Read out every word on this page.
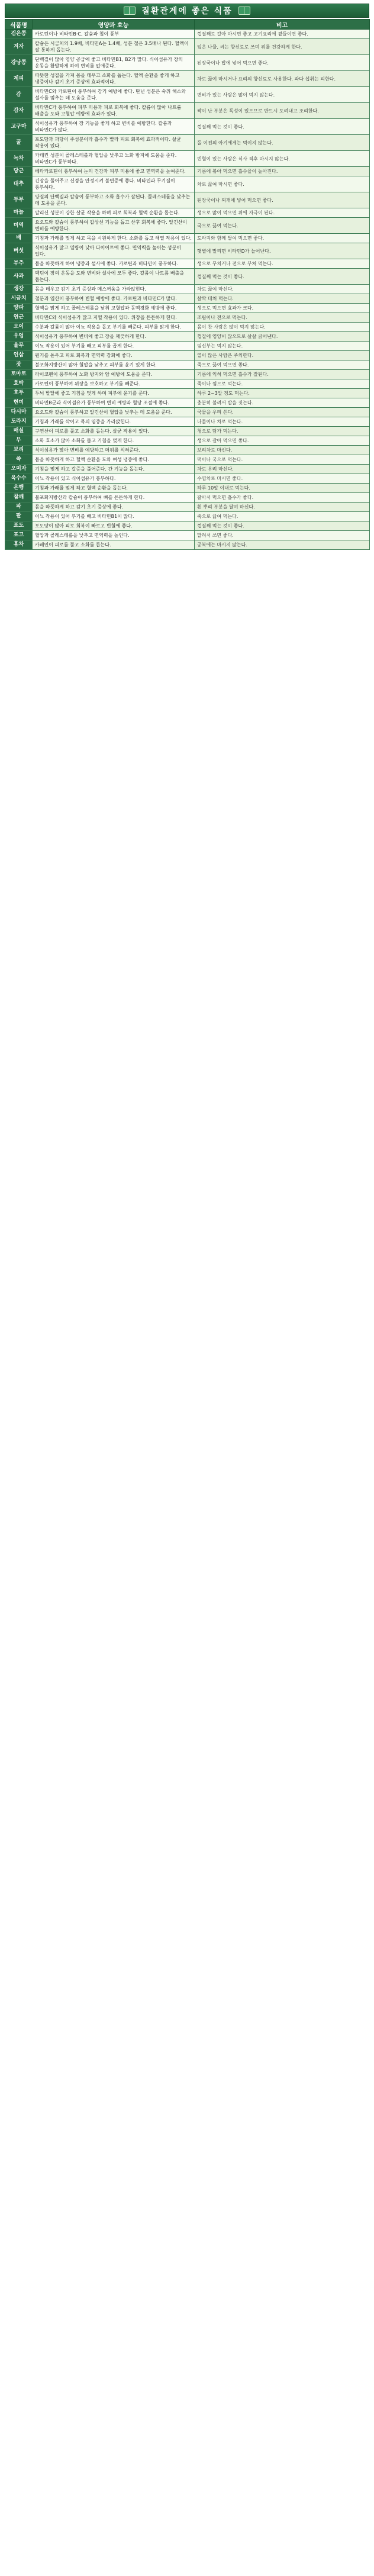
질환관계에 좋은 식품
식품명	영양과 효능	비고
검은콩	카로틴이나 비타민B·C, 칼슘과 철이 풍부	껍질째로 갈아 마시면 좋고 고기요리에 곁들이면 좋다.
겨자	칼슘은 시금치의 1.9배, 비타민A는 1.4배, 성분 철은 3.5배나 된다. 혈액이 잘 통하게 돕는다.	잎은 나물, 씨는 향신료로 쓰며 위를 건강하게 한다.
강낭콩	단백질이 많아 영양 공급에 좋고 비타민B1, B2가 많다. 식이섬유가 장의 운동을 활발하게 하여 변비를 없애준다.	된장국이나 밥에 넣어 먹으면 좋다.
계피	따뜻한 성질을 가져 몸을 데우고 소화를 돕는다. 혈액 순환을 좋게 하고 냉증이나 감기 초기 증상에 효과적이다.	차로 끓여 마시거나 요리의 향신료로 사용한다. 과다 섭취는 피한다.
감	비타민C와 카로틴이 풍부하여 감기 예방에 좋다. 탄닌 성분은 숙취 해소와 설사를 멈추는 데 도움을 준다.	변비가 있는 사람은 많이 먹지 않는다.
감자	비타민C가 풍부하여 피부 미용과 피로 회복에 좋다. 칼륨이 많아 나트륨 배출을 도와 고혈압 예방에 효과가 있다.	싹이 난 부분은 독성이 있으므로 반드시 도려내고 조리한다.
고구마	식이섬유가 풍부하여 장 기능을 좋게 하고 변비를 예방한다. 칼륨과 비타민C가 많다.	껍질째 먹는 것이 좋다.
꿀	포도당과 과당이 주성분이라 흡수가 빨라 피로 회복에 효과적이다. 살균 작용이 있다.	돌 이전의 아기에게는 먹이지 않는다.
녹차	카테킨 성분이 콜레스테롤과 혈압을 낮추고 노화 방지에 도움을 준다. 비타민C가 풍부하다.	빈혈이 있는 사람은 식사 직후 마시지 않는다.
당근	베타카로틴이 풍부하여 눈의 건강과 피부 미용에 좋고 면역력을 높여준다.	기름에 볶아 먹으면 흡수율이 높아진다.
대추	긴장을 풀어주고 신경을 안정시켜 불면증에 좋다. 비타민과 무기질이 풍부하다.	차로 끓여 마시면 좋다.
두부	양질의 단백질과 칼슘이 풍부하고 소화 흡수가 잘된다. 콜레스테롤을 낮추는 데 도움을 준다.	된장국이나 찌개에 넣어 먹으면 좋다.
마늘	알리신 성분이 강한 살균 작용을 하며 피로 회복과 혈액 순환을 돕는다.	생으로 많이 먹으면 위에 자극이 된다.
미역	요오드와 칼슘이 풍부하여 갑상선 기능을 돕고 산후 회복에 좋다. 알긴산이 변비를 예방한다.	국으로 끓여 먹는다.
배	기침과 가래를 멎게 하고 목을 시원하게 한다. 소화를 돕고 해열 작용이 있다.	도라지와 함께 달여 먹으면 좋다.
버섯	식이섬유가 많고 열량이 낮아 다이어트에 좋다. 면역력을 높이는 성분이 있다.	햇볕에 말리면 비타민D가 늘어난다.
부추	몸을 따뜻하게 하여 냉증과 설사에 좋다. 카로틴과 비타민이 풍부하다.	생으로 무치거나 전으로 부쳐 먹는다.
사과	펙틴이 장의 운동을 도와 변비와 설사에 모두 좋다. 칼륨이 나트륨 배출을 돕는다.	껍질째 먹는 것이 좋다.
생강	몸을 데우고 감기 초기 증상과 메스꺼움을 가라앉힌다.	차로 끓여 마신다.
시금치	철분과 엽산이 풍부하여 빈혈 예방에 좋다. 카로틴과 비타민C가 많다.	살짝 데쳐 먹는다.
양파	혈액을 맑게 하고 콜레스테롤을 낮춰 고혈압과 동맥경화 예방에 좋다.	생으로 먹으면 효과가 크다.
연근	비타민C와 식이섬유가 많고 지혈 작용이 있다. 위장을 튼튼하게 한다.	조림이나 전으로 먹는다.
오이	수분과 칼륨이 많아 이뇨 작용을 돕고 부기를 빼준다. 피부를 맑게 한다.	몸이 찬 사람은 많이 먹지 않는다.
우엉	식이섬유가 풍부하여 변비에 좋고 장을 깨끗하게 한다.	껍질에 영양이 많으므로 살살 긁어낸다.
율무	이뇨 작용이 있어 부기를 빼고 피부를 곱게 한다.	임신부는 먹지 않는다.
인삼	원기를 돋우고 피로 회복과 면역력 강화에 좋다.	열이 많은 사람은 주의한다.
잣	불포화지방산이 많아 혈압을 낮추고 피부를 윤기 있게 한다.	죽으로 끓여 먹으면 좋다.
토마토	라이코펜이 풍부하여 노화 방지와 암 예방에 도움을 준다.	기름에 익혀 먹으면 흡수가 잘된다.
호박	카로틴이 풍부하여 위장을 보호하고 부기를 빼준다.	죽이나 찜으로 먹는다.
호두	두뇌 발달에 좋고 기침을 멎게 하며 피부에 윤기를 준다.	하루 2~3알 정도 먹는다.
현미	비타민B군과 식이섬유가 풍부하여 변비 예방과 혈당 조절에 좋다.	충분히 불려서 밥을 짓는다.
다시마	요오드와 칼슘이 풍부하고 알긴산이 혈압을 낮추는 데 도움을 준다.	국물을 우려 쓴다.
도라지	기침과 가래를 삭이고 목의 염증을 가라앉힌다.	나물이나 차로 먹는다.
매실	구연산이 피로를 풀고 소화를 돕는다. 살균 작용이 있다.	청으로 담가 먹는다.
무	소화 효소가 많아 소화를 돕고 기침을 멎게 한다.	생으로 갈아 먹으면 좋다.
보리	식이섬유가 많아 변비를 예방하고 더위를 식혀준다.	보리차로 마신다.
쑥	몸을 따뜻하게 하고 혈액 순환을 도와 여성 냉증에 좋다.	떡이나 국으로 먹는다.
오미자	기침을 멎게 하고 갈증을 풀어준다. 간 기능을 돕는다.	차로 우려 마신다.
옥수수	이뇨 작용이 있고 식이섬유가 풍부하다.	수염차로 마시면 좋다.
은행	기침과 가래를 멎게 하고 혈액 순환을 돕는다.	하루 10알 이내로 먹는다.
참깨	불포화지방산과 칼슘이 풍부하여 뼈를 튼튼하게 한다.	갈아서 먹으면 흡수가 좋다.
파	몸을 따뜻하게 하고 감기 초기 증상에 좋다.	흰 뿌리 부분을 달여 마신다.
팥	이뇨 작용이 있어 부기를 빼고 비타민B1이 많다.	죽으로 끓여 먹는다.
포도	포도당이 많아 피로 회복이 빠르고 빈혈에 좋다.	껍질째 먹는 것이 좋다.
표고	혈압과 콜레스테롤을 낮추고 면역력을 높인다.	말려서 쓰면 좋다.
홍차	카페인이 피로를 풀고 소화를 돕는다.	공복에는 마시지 않는다.
